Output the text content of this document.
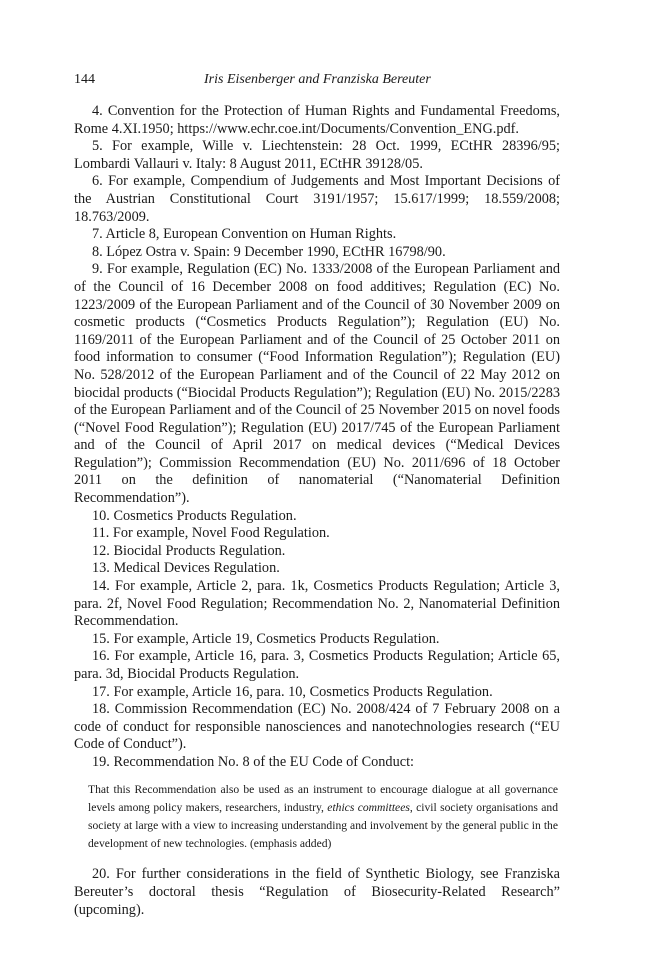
144	Iris Eisenberger and Franziska Bereuter

4. Convention for the Protection of Human Rights and Fundamental Freedoms, Rome 4.XI.1950; https://www.echr.coe.int/Documents/Convention_ENG.pdf.

5. For example, Wille v. Liechtenstein: 28 Oct. 1999, ECtHR 28396/95; Lombardi Vallauri v. Italy: 8 August 2011, ECtHR 39128/05.

6. For example, Compendium of Judgements and Most Important Decisions of the Austrian Constitutional Court 3191/1957; 15.617/1999; 18.559/2008; 18.763/2009.

7. Article 8, European Convention on Human Rights.

8. López Ostra v. Spain: 9 December 1990, ECtHR 16798/90.

9. For example, Regulation (EC) No. 1333/2008 of the European Parliament and of the Council of 16 December 2008 on food additives; Regulation (EC) No. 1223/2009 of the European Parliament and of the Council of 30 November 2009 on cosmetic products (“Cosmetics Products Regulation”); Regulation (EU) No. 1169/2011 of the European Parliament and of the Council of 25 October 2011 on food information to consumer (“Food Information Regulation”); Regulation (EU) No. 528/2012 of the European Parliament and of the Council of 22 May 2012 on biocidal products (“Biocidal Products Regulation”); Regulation (EU) No. 2015/2283 of the European Parliament and of the Council of 25 November 2015 on novel foods (“Novel Food Regulation”); Regulation (EU) 2017/745 of the European Parliament and of the Council of April 2017 on medical devices (“Medical Devices Regulation”); Commission Recommendation (EU) No. 2011/696 of 18 October 2011 on the definition of nanomaterial (“Nanomaterial Definition Recommendation”).

10. Cosmetics Products Regulation.

11. For example, Novel Food Regulation.

12. Biocidal Products Regulation.

13. Medical Devices Regulation.

14. For example, Article 2, para. 1k, Cosmetics Products Regulation; Article 3, para. 2f, Novel Food Regulation; Recommendation No. 2, Nanomaterial Definition Recommendation.

15. For example, Article 19, Cosmetics Products Regulation.

16. For example, Article 16, para. 3, Cosmetics Products Regulation; Article 65, para. 3d, Biocidal Products Regulation.

17. For example, Article 16, para. 10, Cosmetics Products Regulation.

18. Commission Recommendation (EC) No. 2008/424 of 7 February 2008 on a code of conduct for responsible nanosciences and nanotechnologies research (“EU Code of Conduct”).

19. Recommendation No. 8 of the EU Code of Conduct:

That this Recommendation also be used as an instrument to encourage dialogue at all governance levels among policy makers, researchers, industry, ethics committees, civil society organisations and society at large with a view to increasing understanding and involvement by the general public in the development of new technologies. (emphasis added)

20. For further considerations in the field of Synthetic Biology, see Franziska Bereuter’s doctoral thesis “Regulation of Biosecurity-Related Research” (upcoming).
